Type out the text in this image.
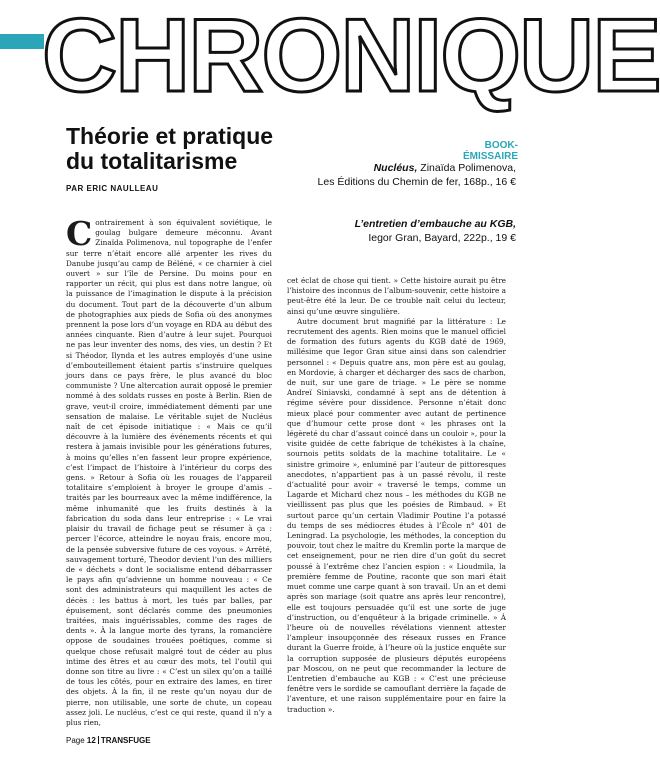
CHRONIQUE
Théorie et pratique
du totalitarisme
BOOK-ÉMISSAIRE
PAR ERIC NAULLEAU
Nucléus, Zinaïda Polimenova,
Les Éditions du Chemin de fer, 168p., 16 €
L’entretien d’embauche au KGB,
Iegor Gran, Bayard, 222p., 19 €

Contrairement à son équivalent soviétique, le goulag bulgare demeure méconnu. Avant Zinaïda Polimenova, nul topographe de l’enfer sur terre n’était encore allé arpenter les rives du Danube jusqu’au camp de Béléné, « ce charnier à ciel ouvert » sur l’île de Persine. Du moins pour en rapporter un récit, qui plus est dans notre langue, où la puissance de l’imagination le dispute à la précision du document. Tout part de la découverte d’un album de photographies aux pieds de Sofia où des anonymes prennent la pose lors d’un voyage en RDA au début des années cinquante. Rien d’autre à leur sujet. Pourquoi ne pas leur inventer des noms, des vies, un destin ? Et si Théodor, Ilynda et les autres employés d’une usine d’embouteillement étaient partis s’instruire quelques jours dans ce pays frère, le plus avancé du bloc communiste ? Une altercation aurait opposé le premier nommé à des soldats russes en poste à Berlin. Rien de grave, veut-il croire, immédiatement démenti par une sensation de malaise. Le véritable sujet de Nucléus naît de cet épisode initiatique : « Mais ce qu’il découvre à la lumière des événements récents et qui restera à jamais invisible pour les générations futures, à moins qu’elles n’en fassent leur propre expérience, c’est l’impact de l’histoire à l’intérieur du corps des gens. » Retour à Sofia où les rouages de l’appareil totalitaire s’emploient à broyer le groupe d’amis – traités par les bourreaux avec la même indifférence, la même inhumanité que les fruits destinés à la fabrication du soda dans leur entreprise : « Le vrai plaisir du travail de fichage peut se résumer à ça : percer l’écorce, atteindre le noyau frais, encore mou, de la pensée subversive future de ces voyous. » Arrêté, sauvagement torturé, Theodor devient l’un des milliers de « déchets » dont le socialisme entend débarrasser le pays afin qu’advienne un homme nouveau : « Ce sont des administrateurs qui maquillent les actes de décès : les battus à mort, les tués par balles, par épuisement, sont déclarés comme des pneumonies traitées, mais inguérissables, comme des rages de dents ». À la langue morte des tyrans, la romancière oppose de soudaines trouées poétiques, comme si quelque chose refusait malgré tout de céder au plus intime des êtres et au cœur des mots, tel l’outil qui donne son titre au livre : « C’est un silex qu’on a taillé de tous les côtés, pour en extraire des lames, en tirer des objets. À la fin, il ne reste qu’un noyau dur de pierre, non utilisable, une sorte de chute, un copeau assez joli. Le nucléus, c’est ce qui reste, quand il n’y a plus rien,

cet éclat de chose qui tient. » Cette histoire aurait pu être l’histoire des inconnus de l’album-souvenir, cette histoire a peut-être été la leur. De ce trouble naît celui du lecteur, ainsi qu’une œuvre singulière.

Autre document brut magnifié par la littérature : Le recrutement des agents. Rien moins que le manuel officiel de formation des futurs agents du KGB daté de 1969, millésime que Iegor Gran situe ainsi dans son calendrier personnel : « Depuis quatre ans, mon père est au goulag, en Mordovie, à charger et décharger des sacs de charbon, de nuit, sur une gare de triage. » Le père se nomme Andreï Siniavski, condamné à sept ans de détention à régime sévère pour dissidence. Personne n’était donc mieux placé pour commenter avec autant de pertinence que d’humour cette prose dont « les phrases ont la légèreté du char d’assaut coincé dans un couloir », pour la visite guidée de cette fabrique de tchékistes à la chaîne, sournois petits soldats de la machine totalitaire. Le « sinistre grimoire », enluminé par l’auteur de pittoresques anecdotes, n’appartient pas à un passé révolu, il reste d’actualité pour avoir « traversé le temps, comme un Lagarde et Michard chez nous – les méthodes du KGB ne vieillissent pas plus que les poésies de Rimbaud. » Et surtout parce qu’un certain Vladimir Poutine l’a potassé du temps de ses médiocres études à l’École n° 401 de Leningrad. La psychologie, les méthodes, la conception du pouvoir, tout chez le maître du Kremlin porte la marque de cet enseignement, pour ne rien dire d’un goût du secret poussé à l’extrême chez l’ancien espion : « Lioudmila, la première femme de Poutine, raconte que son mari était muet comme une carpe quant à son travail. Un an et demi après son mariage (soit quatre ans après leur rencontre), elle est toujours persuadée qu’il est une sorte de juge d’instruction, ou d’enquêteur à la brigade criminelle. » À l’heure où de nouvelles révélations viennent attester l’ampleur insoupçonnée des réseaux russes en France durant la Guerre froide, à l’heure où la justice enquête sur la corruption supposée de plusieurs députés européens par Moscou, on ne peut que recommander la lecture de L’entretien d’embauche au KGB : « C’est une précieuse fenêtre vers le sordide se camouflant derrière la façade de l’aventure, et une raison supplémentaire pour en faire la traduction ».

Page 12 TRANSFUGE
